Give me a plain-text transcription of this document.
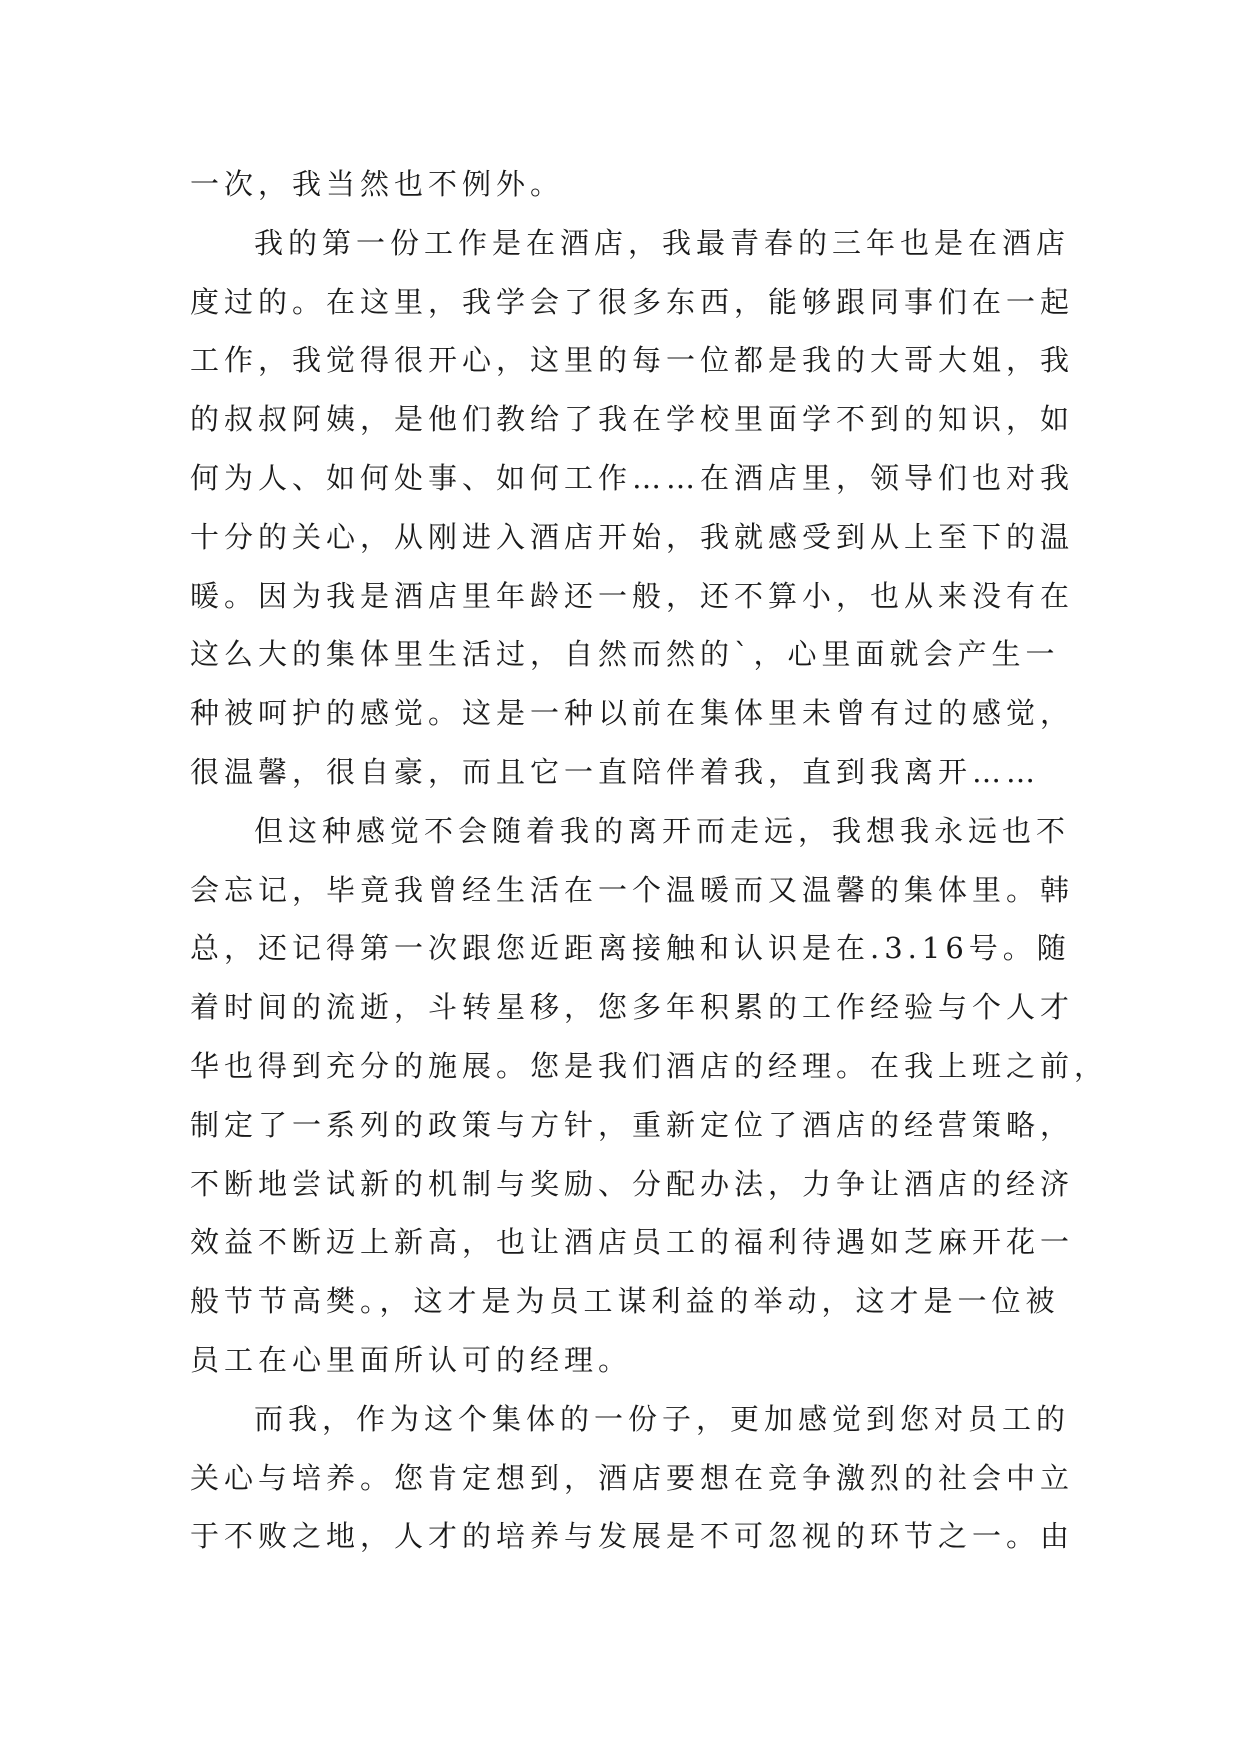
一次，我当然也不例外。
我的第一份工作是在酒店，我最青春的三年也是在酒店
度过的。在这里，我学会了很多东西，能够跟同事们在一起
工作，我觉得很开心，这里的每一位都是我的大哥大姐，我
的叔叔阿姨，是他们教给了我在学校里面学不到的知识，如
何为人、如何处事、如何工作……在酒店里，领导们也对我
十分的关心，从刚进入酒店开始，我就感受到从上至下的温
暖。因为我是酒店里年龄还一般，还不算小，也从来没有在
这么大的集体里生活过，自然而然的`，心里面就会产生一
种被呵护的感觉。这是一种以前在集体里未曾有过的感觉，
很温馨，很自豪，而且它一直陪伴着我，直到我离开……
但这种感觉不会随着我的离开而走远，我想我永远也不
会忘记，毕竟我曾经生活在一个温暖而又温馨的集体里。韩
总，还记得第一次跟您近距离接触和认识是在.3.16号。随
着时间的流逝，斗转星移，您多年积累的工作经验与个人才
华也得到充分的施展。您是我们酒店的经理。在我上班之前，
制定了一系列的政策与方针，重新定位了酒店的经营策略，
不断地尝试新的机制与奖励、分配办法，力争让酒店的经济
效益不断迈上新高，也让酒店员工的福利待遇如芝麻开花一
般节节高樊。，这才是为员工谋利益的举动，这才是一位被
员工在心里面所认可的经理。
而我，作为这个集体的一份子，更加感觉到您对员工的
关心与培养。您肯定想到，酒店要想在竞争激烈的社会中立
于不败之地，人才的培养与发展是不可忽视的环节之一。由
